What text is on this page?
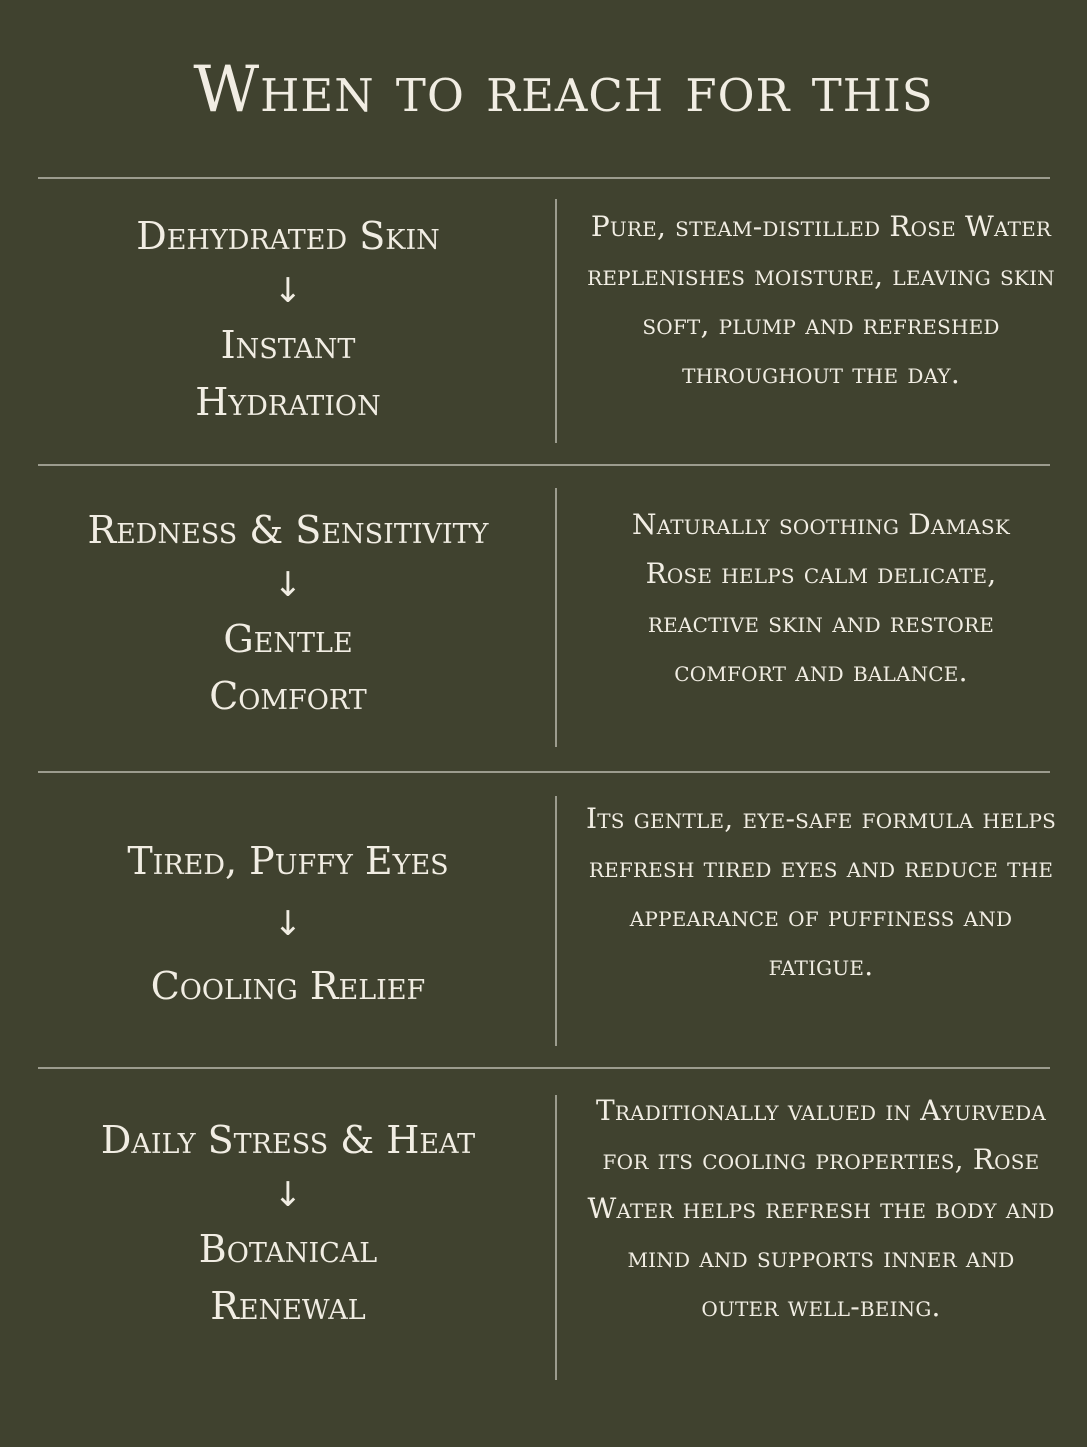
When to reach for this
Dehydrated Skin
↓
Instant Hydration
Pure, steam-distilled Rose Water replenishes moisture, leaving skin soft, plump and refreshed throughout the day.
Redness & Sensitivity
↓
Gentle Comfort
Naturally soothing Damask Rose helps calm delicate, reactive skin and restore comfort and balance.
Tired, Puffy Eyes
↓
Cooling Relief
Its gentle, eye-safe formula helps refresh tired eyes and reduce the appearance of puffiness and fatigue.
Daily Stress & Heat
↓
Botanical Renewal
Traditionally valued in Ayurveda for its cooling properties, Rose Water helps refresh the body and mind and supports inner and outer well-being.
